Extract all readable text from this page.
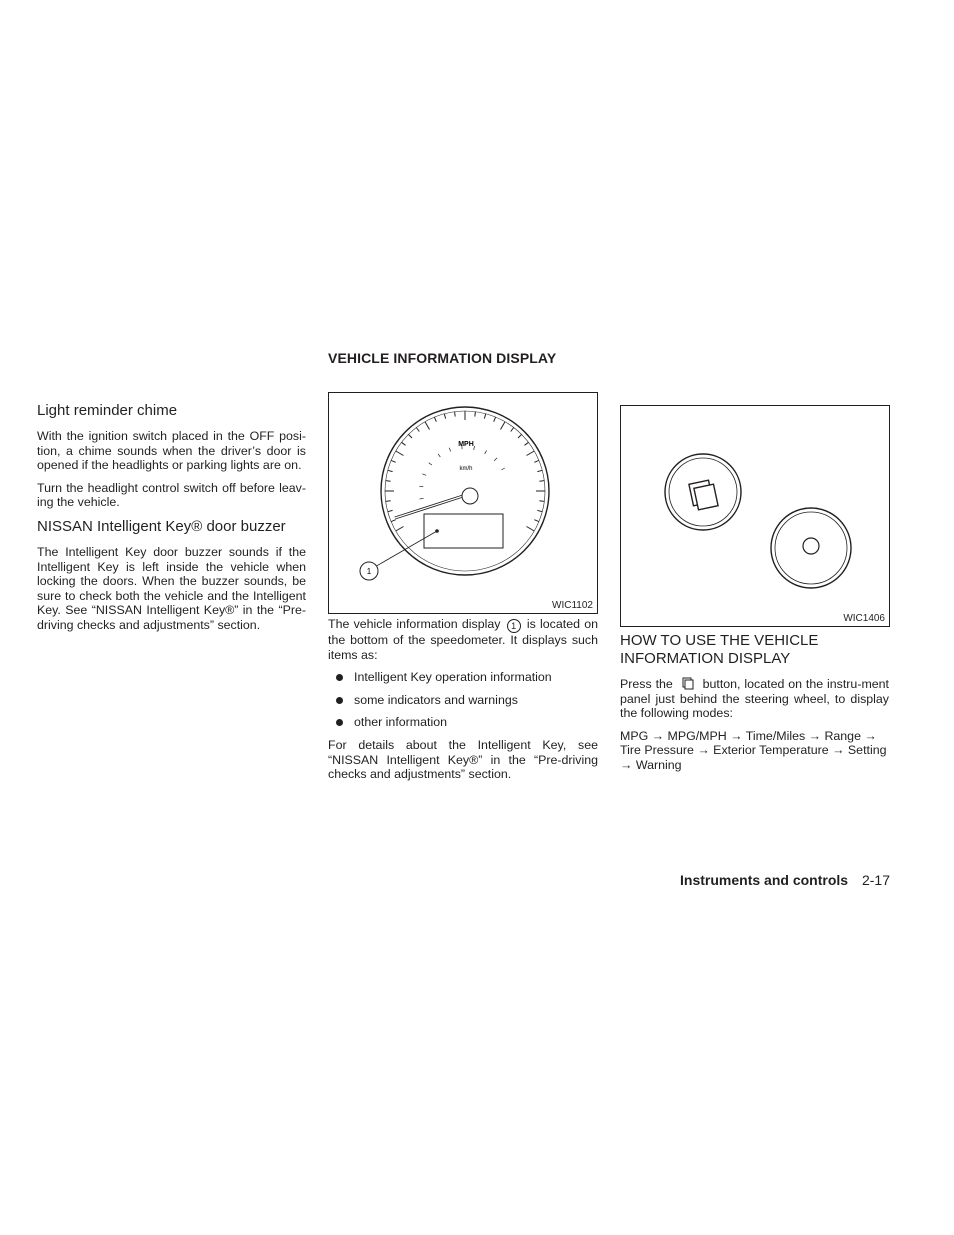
Light reminder chime

With the ignition switch placed in the OFF posi-tion, a chime sounds when the driver’s door is opened if the headlights or parking lights are on.

Turn the headlight control switch off before leav-ing the vehicle.

NISSAN Intelligent Key® door buzzer

The Intelligent Key door buzzer sounds if the Intelligent Key is left inside the vehicle when locking the doors. When the buzzer sounds, be sure to check both the vehicle and the Intelligent Key. See “NISSAN Intelligent Key®” in the “Pre-driving checks and adjustments” section.

VEHICLE INFORMATION DISPLAY
MPH
km/h
1
WIC1102

The vehicle information display 1 is located on the bottom of the speedometer. It displays such items as:

Intelligent Key operation information
some indicators and warnings
other information

For details about the Intelligent Key, see “NISSAN Intelligent Key®” in the “Pre-driving checks and adjustments” section.

WIC1406
HOW TO USE THE VEHICLE INFORMATION DISPLAY

Press the button, located on the instru-ment panel just behind the steering wheel, to display the following modes:

MPG → MPG/MPH → Time/Miles → Range → Tire Pressure → Exterior Temperature → Setting → Warning

Instruments and controls 2-17
